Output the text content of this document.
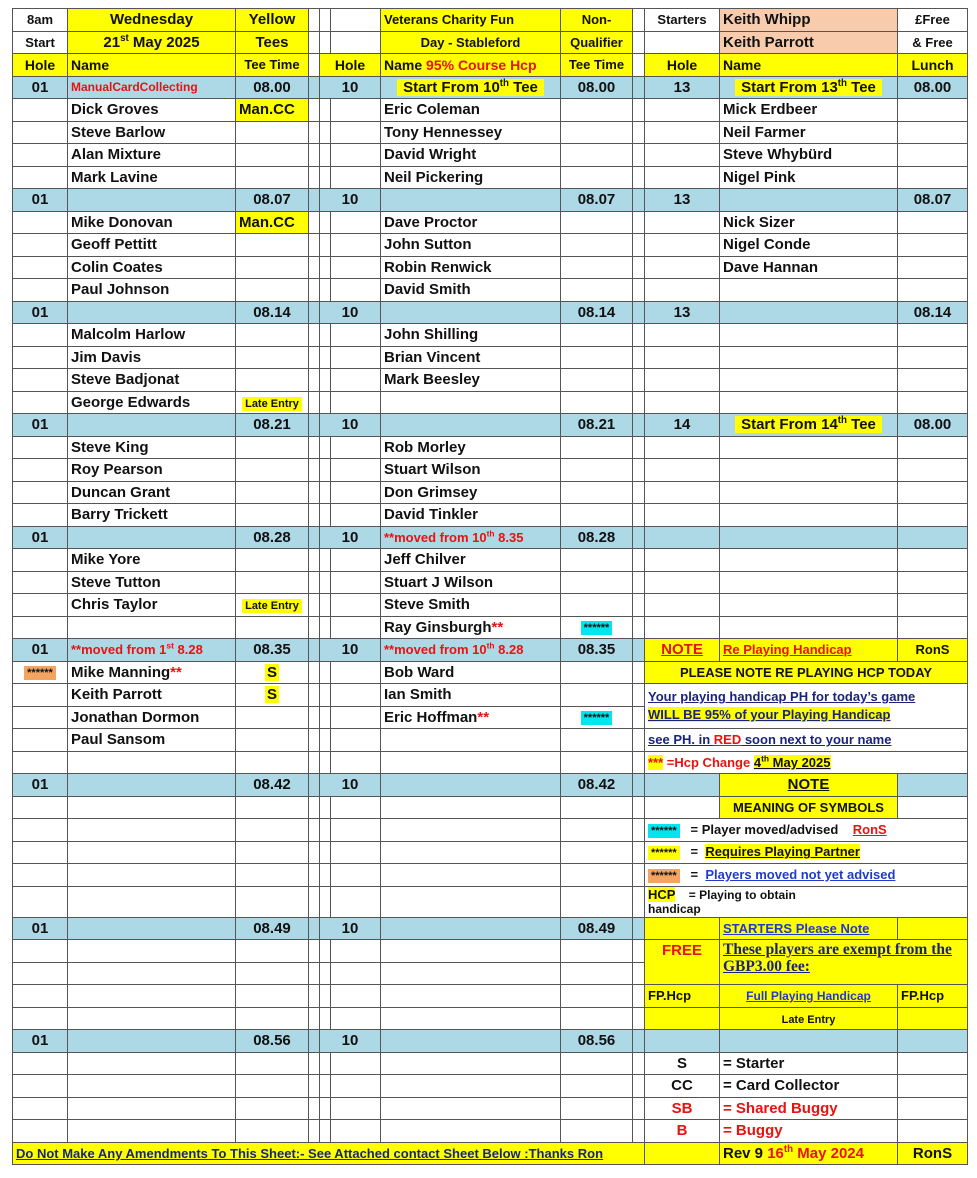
8am	Wednesday	Yellow				Veterans Charity Fun	Non-		Starters	Keith Whipp	£Free
Start	21st May 2025	Tees				Day - Stableford	Qualifier			Keith Parrott	& Free
Hole	Name	Tee Time		Hole		Name 95% Course Hcp	Tee Time		Hole	Name	Lunch
01	ManualCardCollecting	08.00		10		Start From 10th Tee	08.00		13	Start From 13th Tee	08.00
	Dick Groves	Man.CC				Eric Coleman				Mick Erdbeer	
	Steve Barlow					Tony Hennessey				Neil Farmer	
	Alan Mixture					David Wright				Steve Whybürd	
	Mark Lavine					Neil Pickering				Nigel Pink	
01		08.07		10			08.07		13		08.07
	Mike Donovan	Man.CC				Dave Proctor				Nick Sizer	
	Geoff Pettitt					John Sutton				Nigel Conde	
	Colin Coates					Robin Renwick				Dave Hannan	
	Paul Johnson					David Smith					
01		08.14		10			08.14		13		08.14
	Malcolm Harlow					John Shilling					
	Jim Davis					Brian Vincent					
	Steve Badjonat					Mark Beesley					
	George Edwards	Late Entry									
01		08.21		10			08.21		14	Start From 14th Tee	08.00
	Steve King					Rob Morley					
	Roy Pearson					Stuart Wilson					
	Duncan Grant					Don Grimsey					
	Barry Trickett					David Tinkler					
01		08.28		10		**moved from 10th 8.35	08.28				
	Mike Yore					Jeff Chilver					
	Steve Tutton					Stuart J Wilson					
	Chris Taylor	Late Entry				Steve Smith					
						Ray Ginsburgh**	******				
01	**moved from 1st 8.28	08.35		10		**moved from 10th 8.28	08.35		NOTE	Re Playing Handicap	RonS
******	Mike Manning**	S				Bob Ward			PLEASE NOTE RE PLAYING HCP TODAY		
	Keith Parrott	S				Ian Smith			Your playing handicap PH for today’s game
WILL BE 95% of your Playing Handicap		
	Jonathan Dormon					Eric Hoffman**	******				
	Paul Sansom								see PH. in RED soon next to your name		
									*** =Hcp Change 4th May 2025		
01		08.42		10			08.42			NOTE	
										MEANING OF SYMBOLS	
									****** = Player moved/advised RonS		
									****** = Requires Playing Partner		
									****** = Players moved not yet advised		
									HCP = Playing to obtain
handicap		
01		08.49		10			08.49			STARTERS Please Note	
									FREE	These players are exempt from the GBP3.00 fee:	

									FP.Hcp	Full Playing Handicap	FP.Hcp
										Late Entry	
01		08.56		10			08.56				
									S	= Starter	
									CC	= Card Collector	
									SB	= Shared Buggy	
									B	= Buggy	
Do Not Make Any Amendments To This Sheet:- See Attached contact Sheet Below :Thanks Ron										Rev 9 16th May 2024	RonS
